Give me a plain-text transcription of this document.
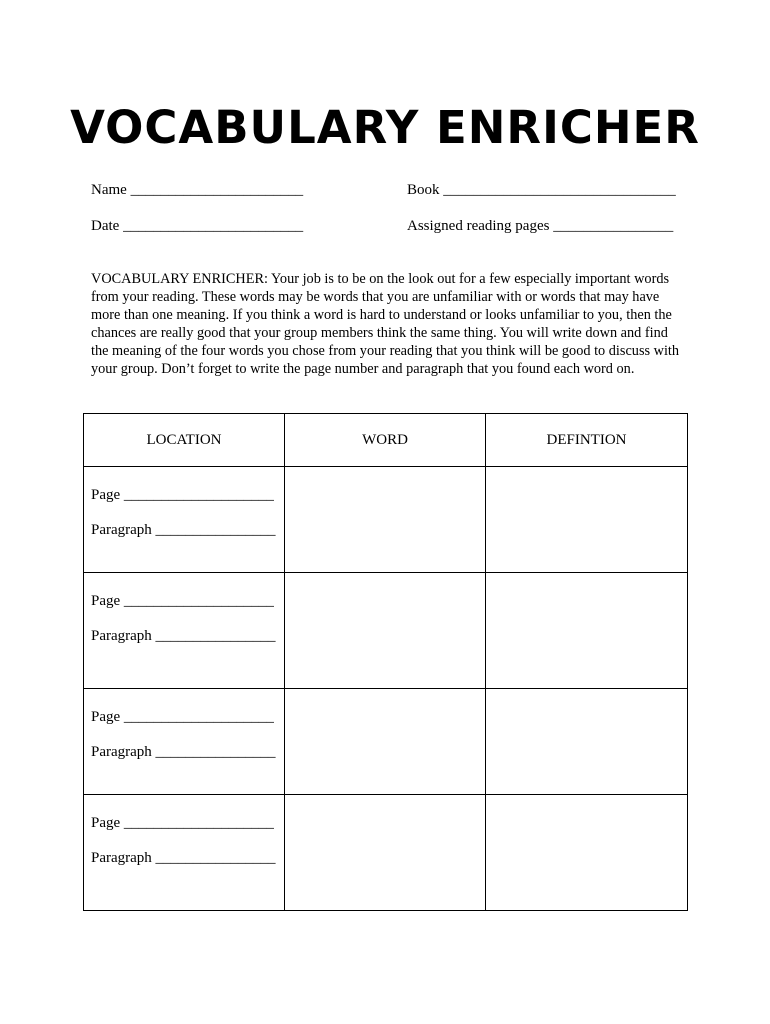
VOCABULARY ENRICHER
Name _______________________	Book _______________________________
Date ________________________	Assigned reading pages ________________

VOCABULARY ENRICHER: Your job is to be on the look out for a few especially important words from your reading. These words may be words that you are unfamiliar with or words that may have more than one meaning. If you think a word is hard to understand or looks unfamiliar to you, then the chances are really good that your group members think the same thing. You will write down and find the meaning of the four words you chose from your reading that you think will be good to discuss with your group. Don’t forget to write the page number and paragraph that you found each word on.

LOCATION	WORD	DEFINTION

Page ____________________
Paragraph ________________		

Page ____________________
Paragraph ________________		

Page ____________________
Paragraph ________________		

Page ____________________
Paragraph ________________		
